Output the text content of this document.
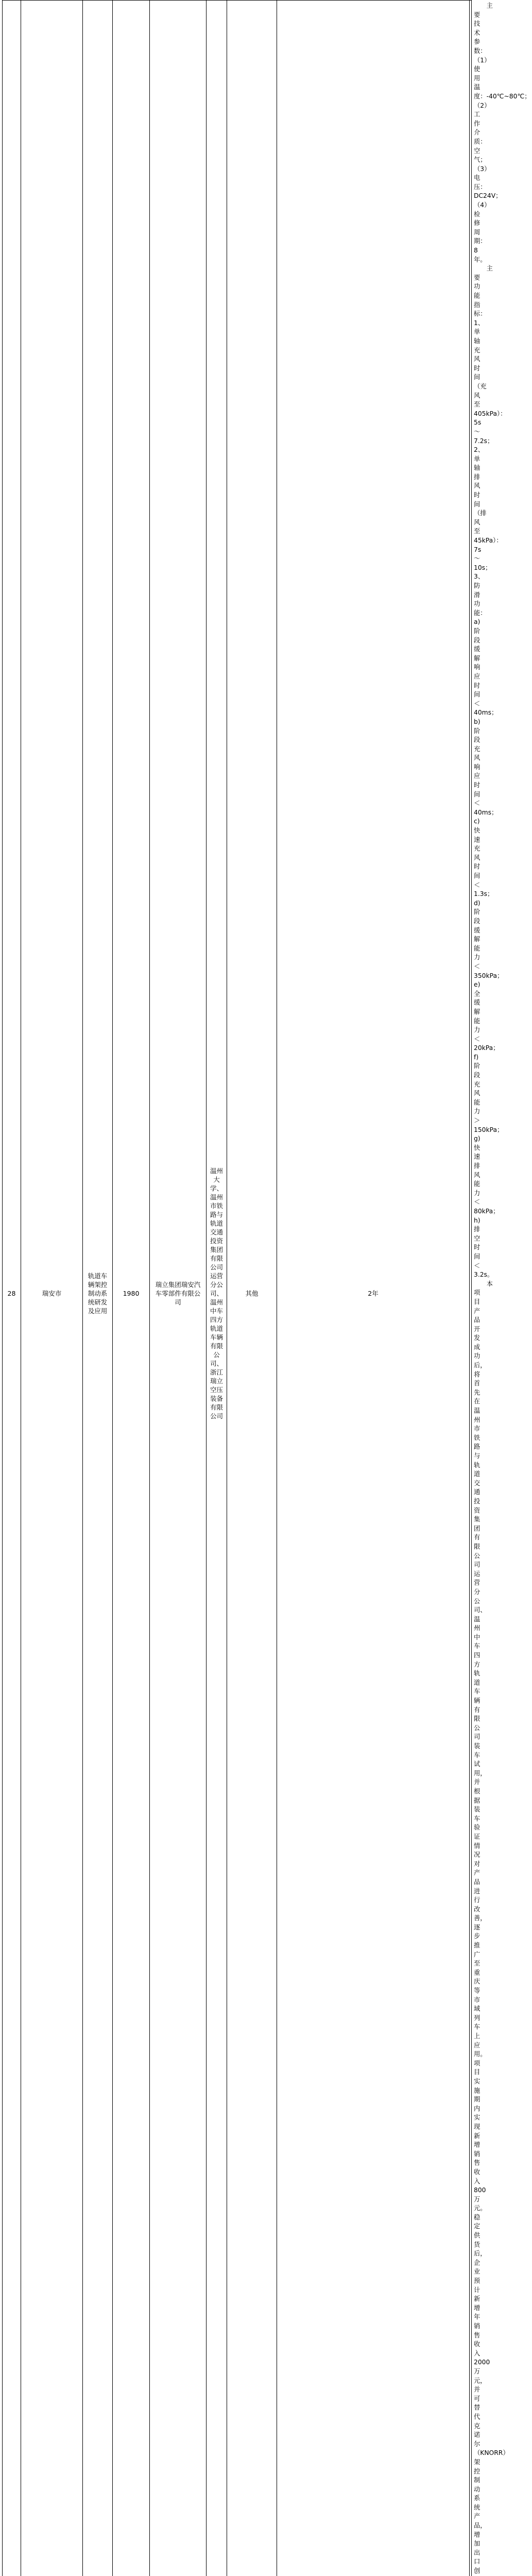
28	瑞安市	轨道车辆架控制动系统研发及应用	1980	瑞立集团瑞安汽车零部件有限公司	温州大学、温州市铁路与轨道交通投资集团有限公司运营分公司、温州中车四方轨道车辆有限公司、浙江瑞立空压装备有限公司	其他	2年	主要技术参数：（1）使用温度：-40℃~80℃；（2）工作介质：空气；（3）电压：DC24V；（4）检修周期：8年。
主要功能指标：1、单轴充风时间（充风至405kPa）：5s～7.2s；2、单轴排风时间（排风至45kPa）：7s～10s；
3、防滑功能：a)阶段缓解响应时间＜40ms；b)阶段充风响应时间＜40ms；c)快速充风时间＜1.3s；d)阶段缓解能力＜350kPa；e)全缓解能力＜20kPa；f)阶段充风能力＞150kPa；g)快速排风能力＜80kPa；h)排空时间＜3.2s。
本项目产品开发成功后，将首先在温州市铁路与轨道交通投资集团有限公司运营分公司、温州中车四方轨道车辆有限公司装车试用，并根据装车验证情况对产品进行改善，逐步推广至重庆等市域列车上应用。项目实施期内实现新增销售收入800万元。稳定供货后，企业预计新增年销售收入2000万元，并可替代克诺尔（KNORR）架控制动系统产品，增加出口创
